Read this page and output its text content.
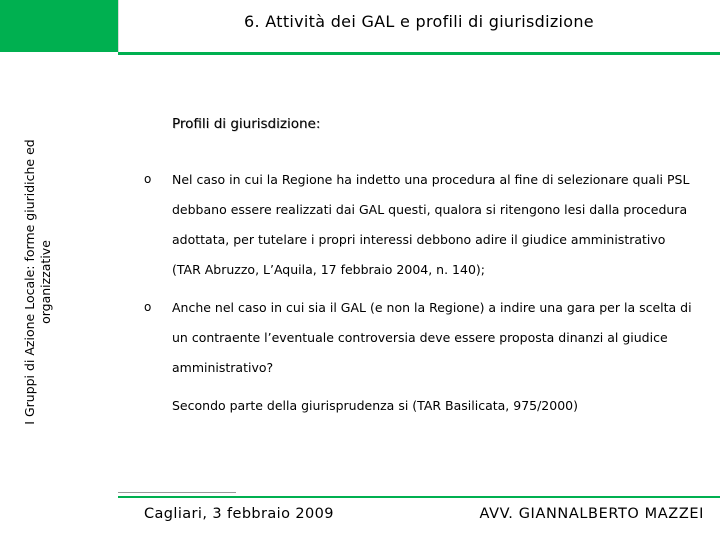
6. Attività dei GAL e profili di giurisdizione
I Gruppi di Azione Locale: forme giuridiche ed organizzative
Profili di giurisdizione:
o Nel caso in cui la Regione ha indetto una procedura al fine di selezionare quali PSL debbano essere realizzati dai GAL questi, qualora si ritengono lesi dalla procedura adottata, per tutelare i propri interessi debbono adire il giudice amministrativo (TAR Abruzzo, L’Aquila, 17 febbraio 2004, n. 140);
o Anche nel caso in cui sia il GAL (e non la Regione) a indire una gara per la scelta di un contraente l’eventuale controversia deve essere proposta dinanzi al giudice amministrativo?
Secondo parte della giurisprudenza si (TAR Basilicata, 975/2000)
Cagliari, 3 febbraio 2009	AVV. GIANNALBERTO MAZZEI
